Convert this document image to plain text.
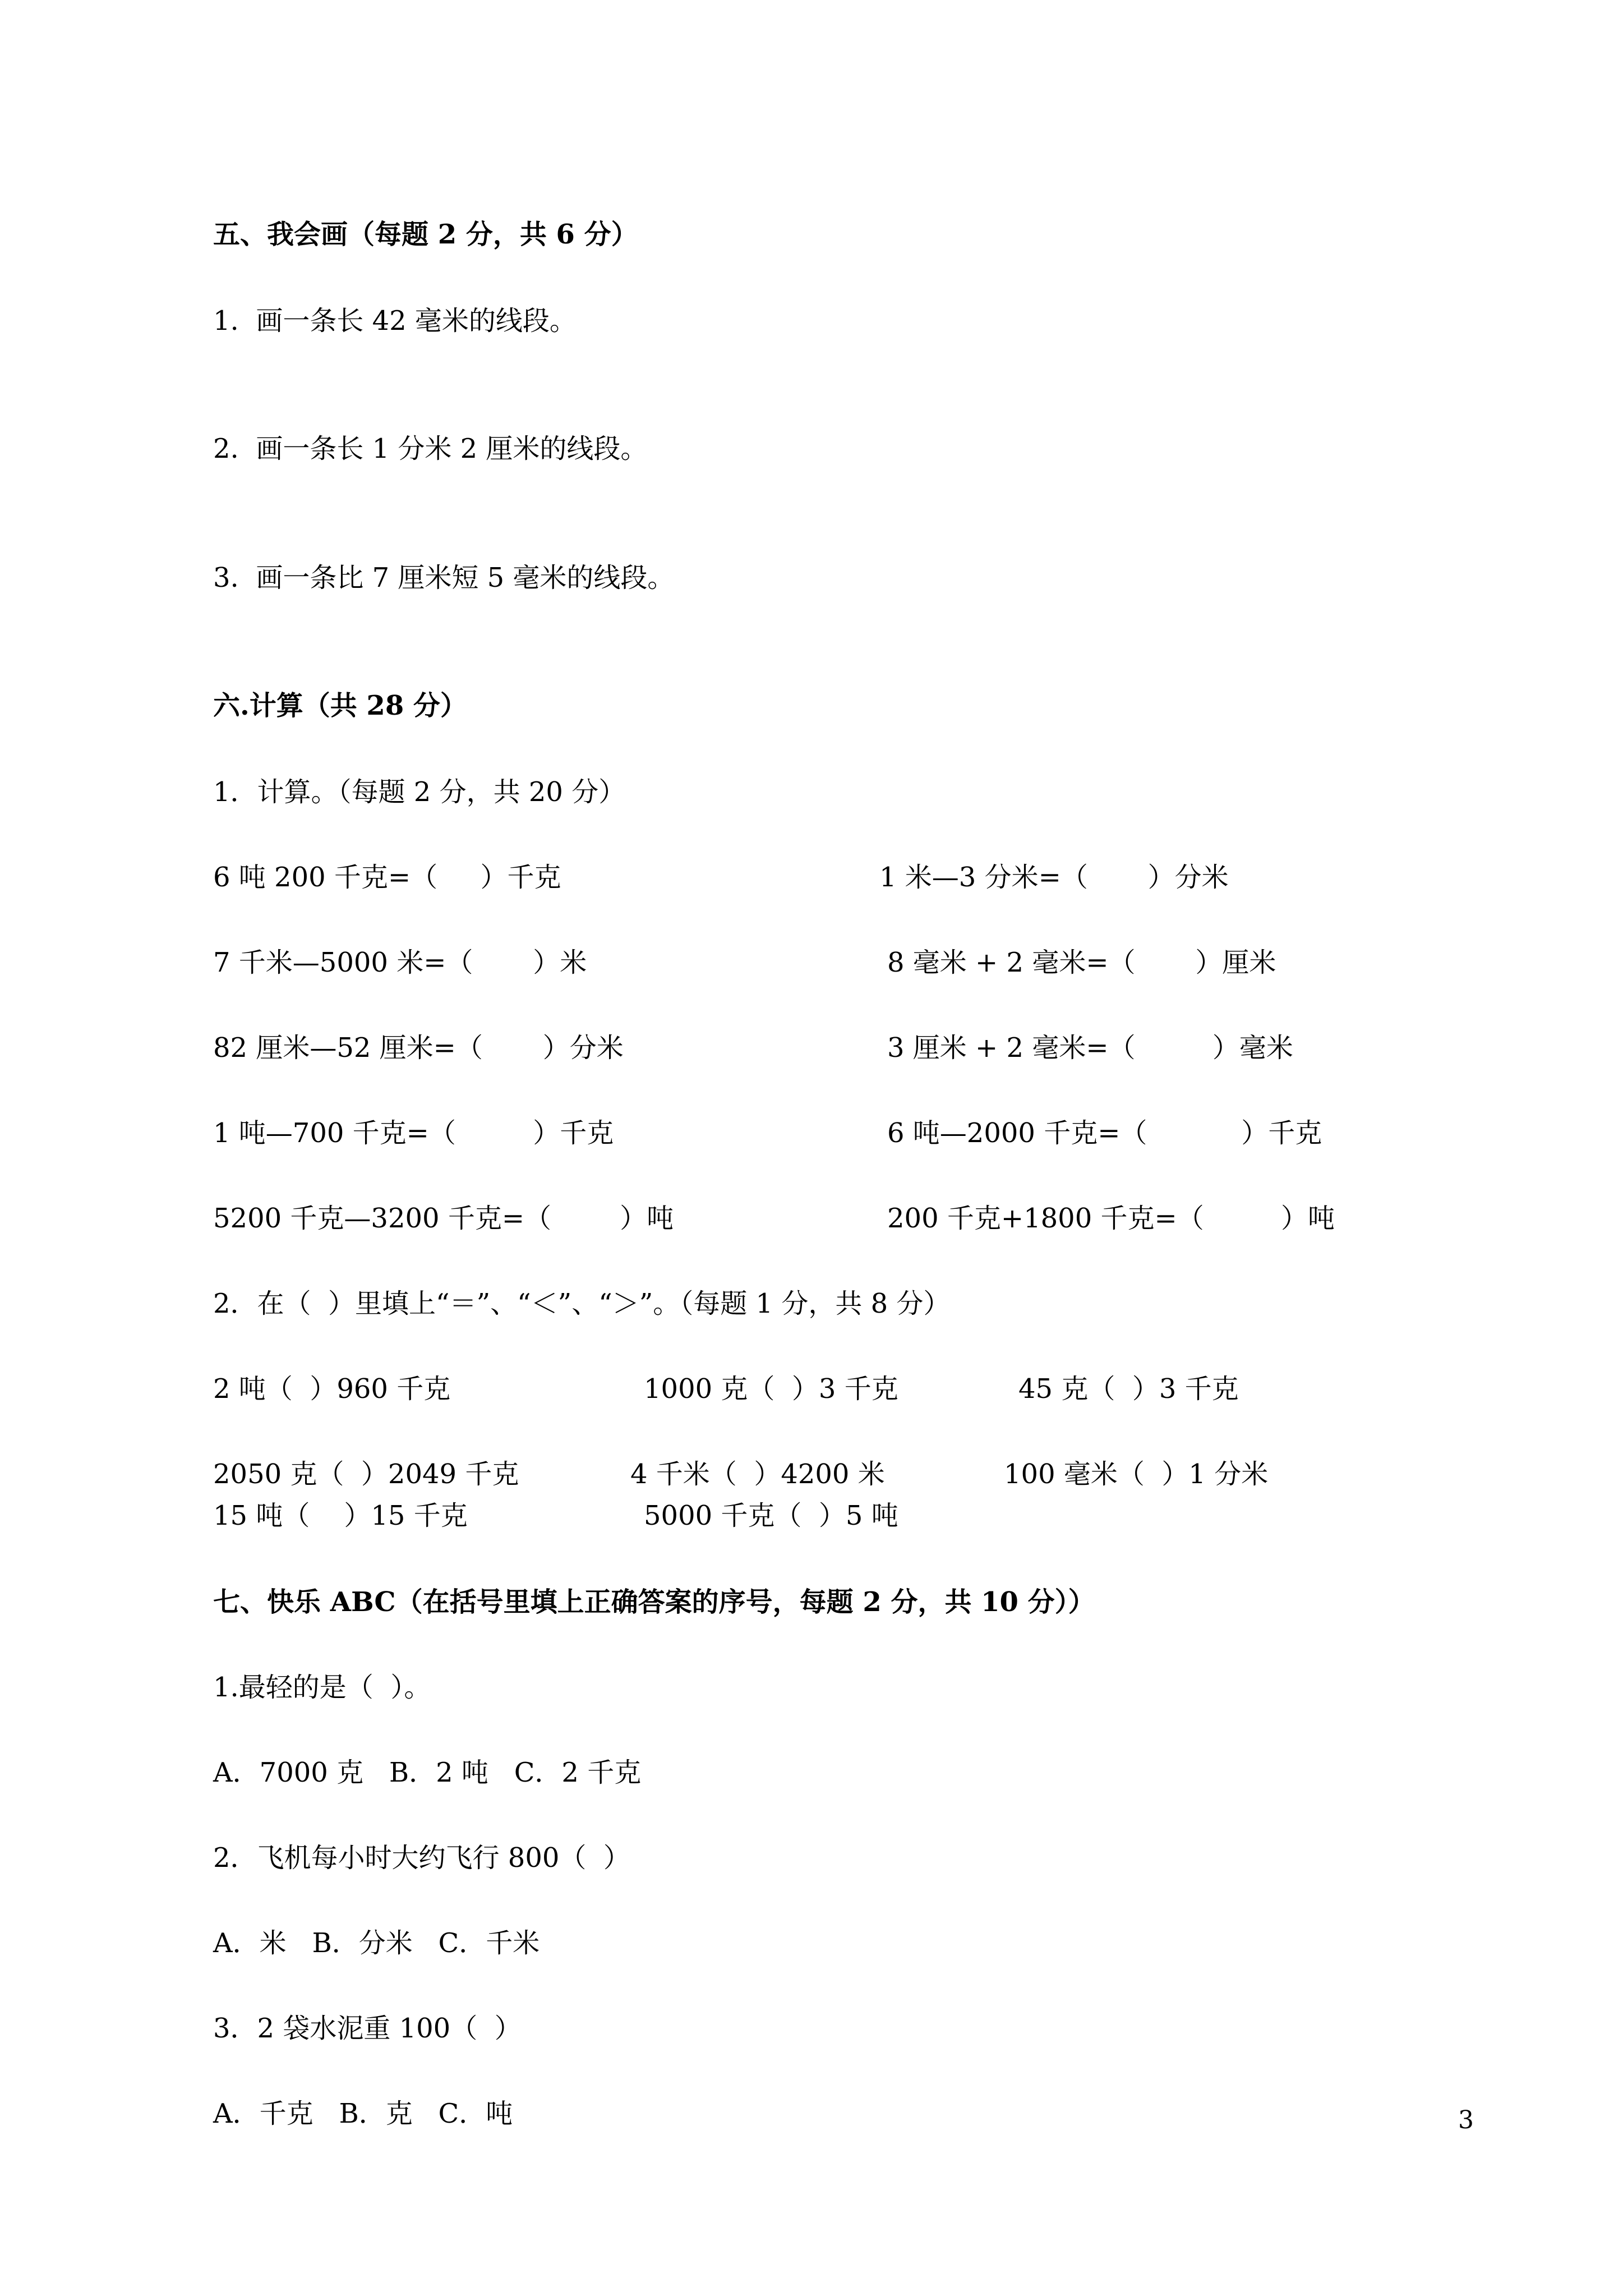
五、我会画（每题 2 分，共 6 分）
1.  画一条长 42 毫米的线段。
2.  画一条长 1 分米 2 厘米的线段。
3.  画一条比 7 厘米短 5 毫米的线段。
六.计算（共 28 分）
1．计算。（每题 2 分，共 20 分）
6 吨 200 千克=（     ）千克	1 米—3 分米=（       ）分米
7 千米—5000 米=（       ）米	8 毫米 + 2 毫米=（       ）厘米
82 厘米—52 厘米=（       ）分米	3 厘米 + 2 毫米=（         ）毫米
1 吨—700 千克=（         ）千克	6 吨—2000 千克=（           ）千克
5200 千克—3200 千克=（        ）吨	200 千克+1800 千克=（         ）吨
2．在（  ）里填上“＝”、“＜”、“＞”。（每题 1 分，共 8 分）
2 吨（  ）960 千克	1000 克（  ）3 千克	45 克（  ）3 千克
2050 克（  ）2049 千克	4 千米（  ）4200 米	100 毫米（  ）1 分米
15 吨（    ）15 千克	5000 千克（  ）5 吨
七、快乐 ABC（在括号里填上正确答案的序号，每题 2 分，共 10 分））
1.最轻的是（  ）。
A．7000 克   B．2 吨   C．2 千克
2．飞机每小时大约飞行 800（  ）
A．米   B．分米   C．千米
3．2 袋水泥重 100（  ）
A．千克   B．克   C．吨	3
